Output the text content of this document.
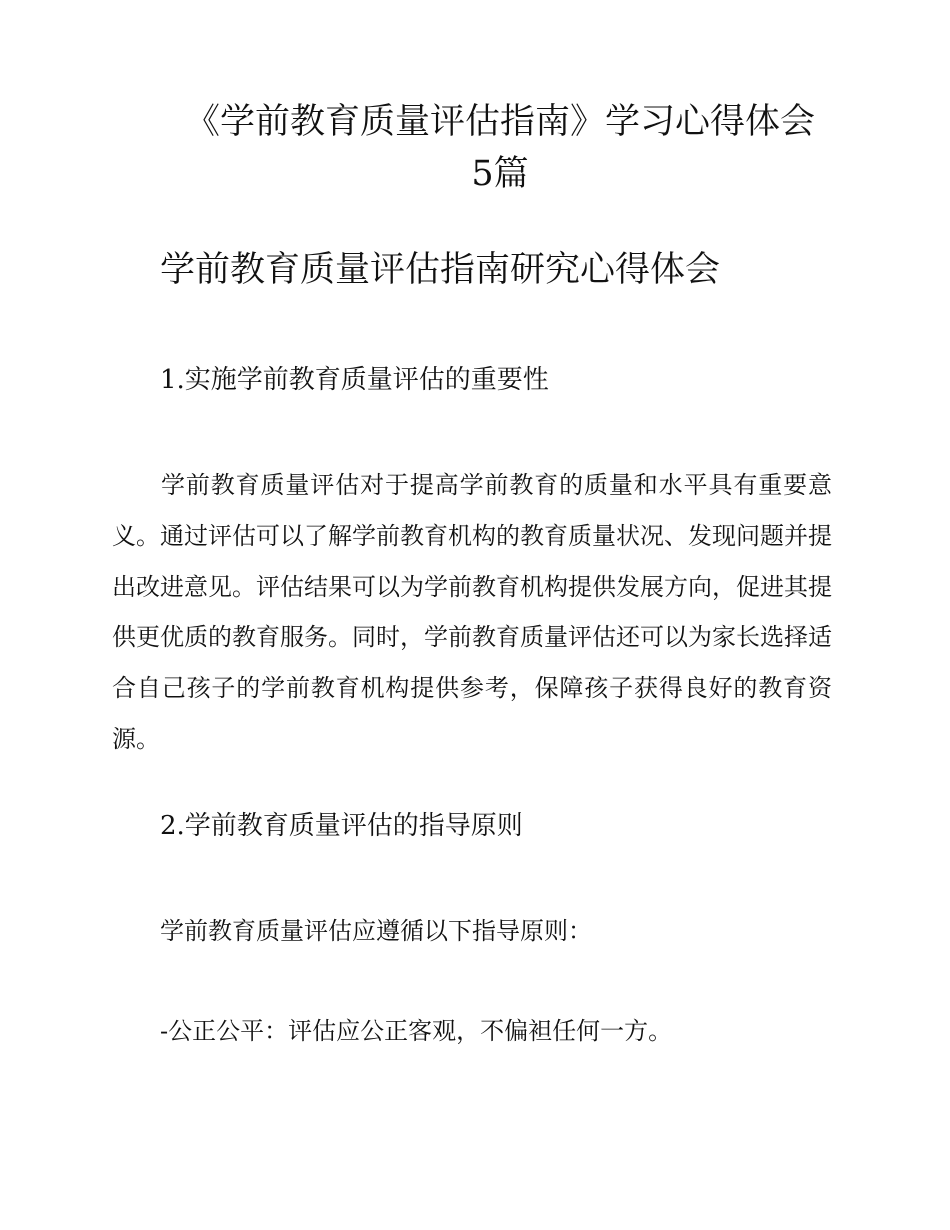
《学前教育质量评估指南》学习心得体会
5篇
学前教育质量评估指南研究心得体会
1.实施学前教育质量评估的重要性

学前教育质量评估对于提高学前教育的质量和水平具有重要意义。通过评估可以了解学前教育机构的教育质量状况、发现问题并提出改进意见。评估结果可以为学前教育机构提供发展方向，促进其提供更优质的教育服务。同时，学前教育质量评估还可以为家长选择适合自己孩子的学前教育机构提供参考，保障孩子获得良好的教育资源。

2.学前教育质量评估的指导原则

学前教育质量评估应遵循以下指导原则：

-公正公平：评估应公正客观，不偏袒任何一方。
